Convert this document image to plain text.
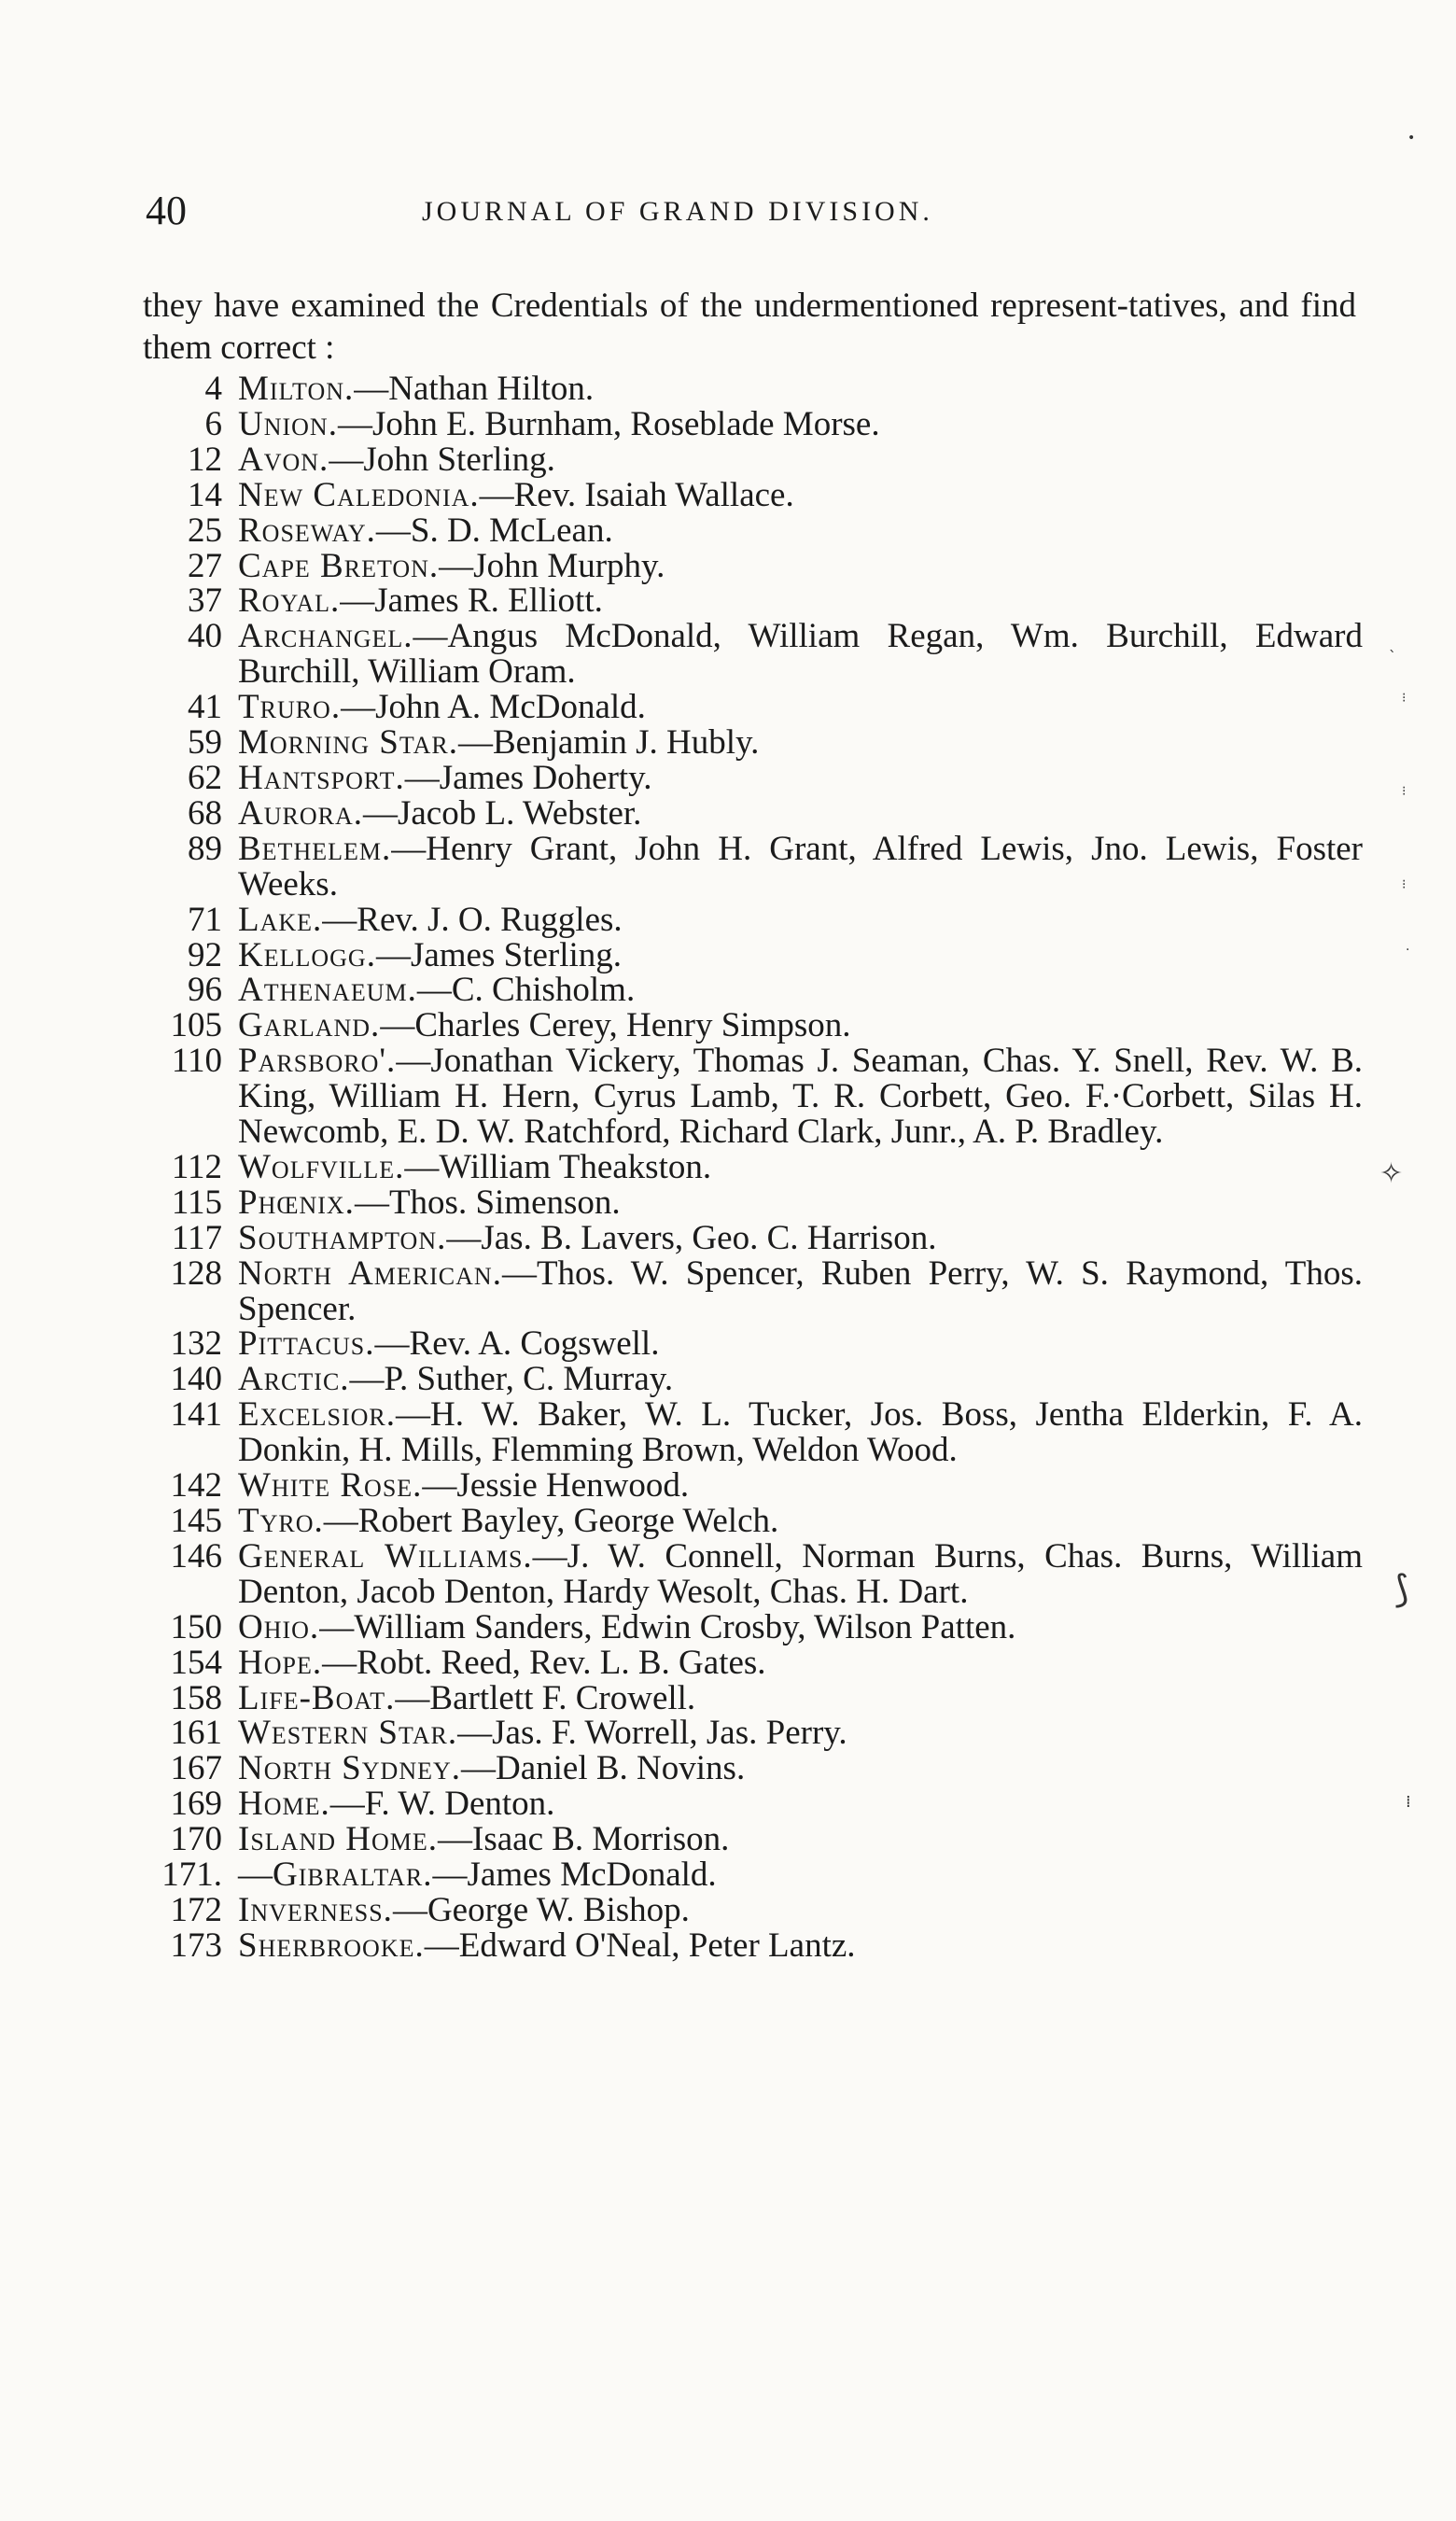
40	JOURNAL OF GRAND DIVISION.
they have examined the Credentials of the undermentioned represent-tatives, and find them correct :
4 Milton.—Nathan Hilton.
6 Union.—John E. Burnham, Roseblade Morse.
12 Avon.—John Sterling.
14 New Caledonia.—Rev. Isaiah Wallace.
25 Roseway.—S. D. McLean.
27 Cape Breton.—John Murphy.
37 Royal.—James R. Elliott.
40 Archangel.—Angus McDonald, William Regan, Wm. Burchill, Edward Burchill, William Oram.
41 Truro.—John A. McDonald.
59 Morning Star.—Benjamin J. Hubly.
62 Hantsport.—James Doherty.
68 Aurora.—Jacob L. Webster.
89 Bethelem.—Henry Grant, John H. Grant, Alfred Lewis, Jno. Lewis, Foster Weeks.
71 Lake.—Rev. J. O. Ruggles.
92 Kellogg.—James Sterling.
96 Athenaeum.—C. Chisholm.
105 Garland.—Charles Cerey, Henry Simpson.
110 Parsboro'.—Jonathan Vickery, Thomas J. Seaman, Chas. Y. Snell, Rev. W. B. King, William H. Hern, Cyrus Lamb, T. R. Corbett, Geo. F.·Corbett, Silas H. Newcomb, E. D. W. Ratchford, Richard Clark, Junr., A. P. Bradley.
112 Wolfville.—William Theakston.
115 Phœnix.—Thos. Simenson.
117 Southampton.—Jas. B. Lavers, Geo. C. Harrison.
128 North American.—Thos. W. Spencer, Ruben Perry, W. S. Raymond, Thos. Spencer.
132 Pittacus.—Rev. A. Cogswell.
140 Arctic.—P. Suther, C. Murray.
141 Excelsior.—H. W. Baker, W. L. Tucker, Jos. Boss, Jentha Elderkin, F. A. Donkin, H. Mills, Flemming Brown, Weldon Wood.
142 White Rose.—Jessie Henwood.
145 Tyro.—Robert Bayley, George Welch.
146 General Williams.—J. W. Connell, Norman Burns, Chas. Burns, William Denton, Jacob Denton, Hardy Wesolt, Chas. H. Dart.
150 Ohio.—William Sanders, Edwin Crosby, Wilson Patten.
154 Hope.—Robt. Reed, Rev. L. B. Gates.
158 Life-Boat.—Bartlett F. Crowell.
161 Western Star.—Jas. F. Worrell, Jas. Perry.
167 North Sydney.—Daniel B. Novins.
169 Home.—F. W. Denton.
170 Island Home.—Isaac B. Morrison.
171. —Gibraltar.—James McDonald.
172 Inverness.—George W. Bishop.
173 Sherbrooke.—Edward O'Neal, Peter Lantz.
•
ˎ
⁝
⁝
⁝
·
✧
⟆
⁞
